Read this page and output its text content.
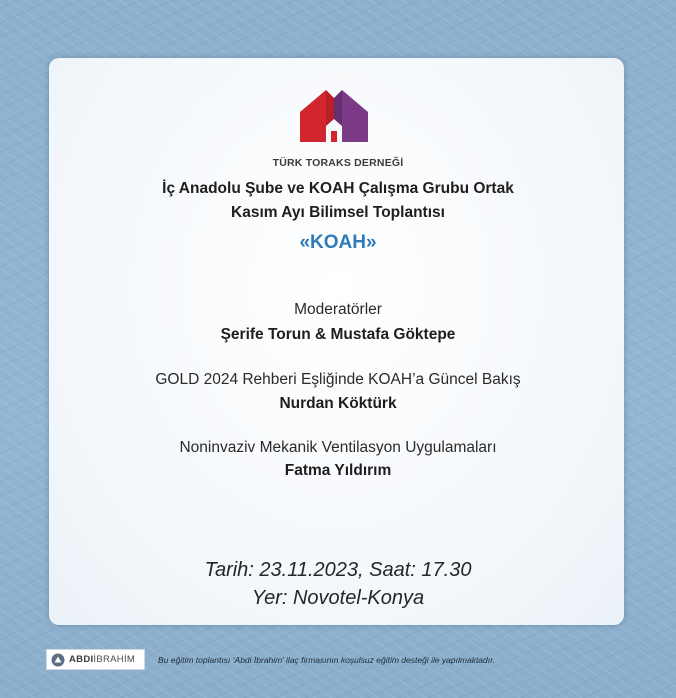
TÜRK TORAKS DERNEĞİ
İç Anadolu Şube ve KOAH Çalışma Grubu Ortak
Kasım Ayı Bilimsel Toplantısı
«KOAH»
Moderatörler
Şerife Torun & Mustafa Göktepe
GOLD 2024 Rehberi Eşliğinde KOAH’a Güncel Bakış
Nurdan Köktürk
Noninvaziv Mekanik Ventilasyon Uygulamaları
Fatma Yıldırım
Tarih: 23.11.2023, Saat: 17.30
Yer: Novotel-Konya
ABDIİBRAHİM	Bu eğitim toplantısı ‘Abdi İbrahim’ ilaç firmasının koşulsuz eğitim desteği ile yapılmaktadır.
